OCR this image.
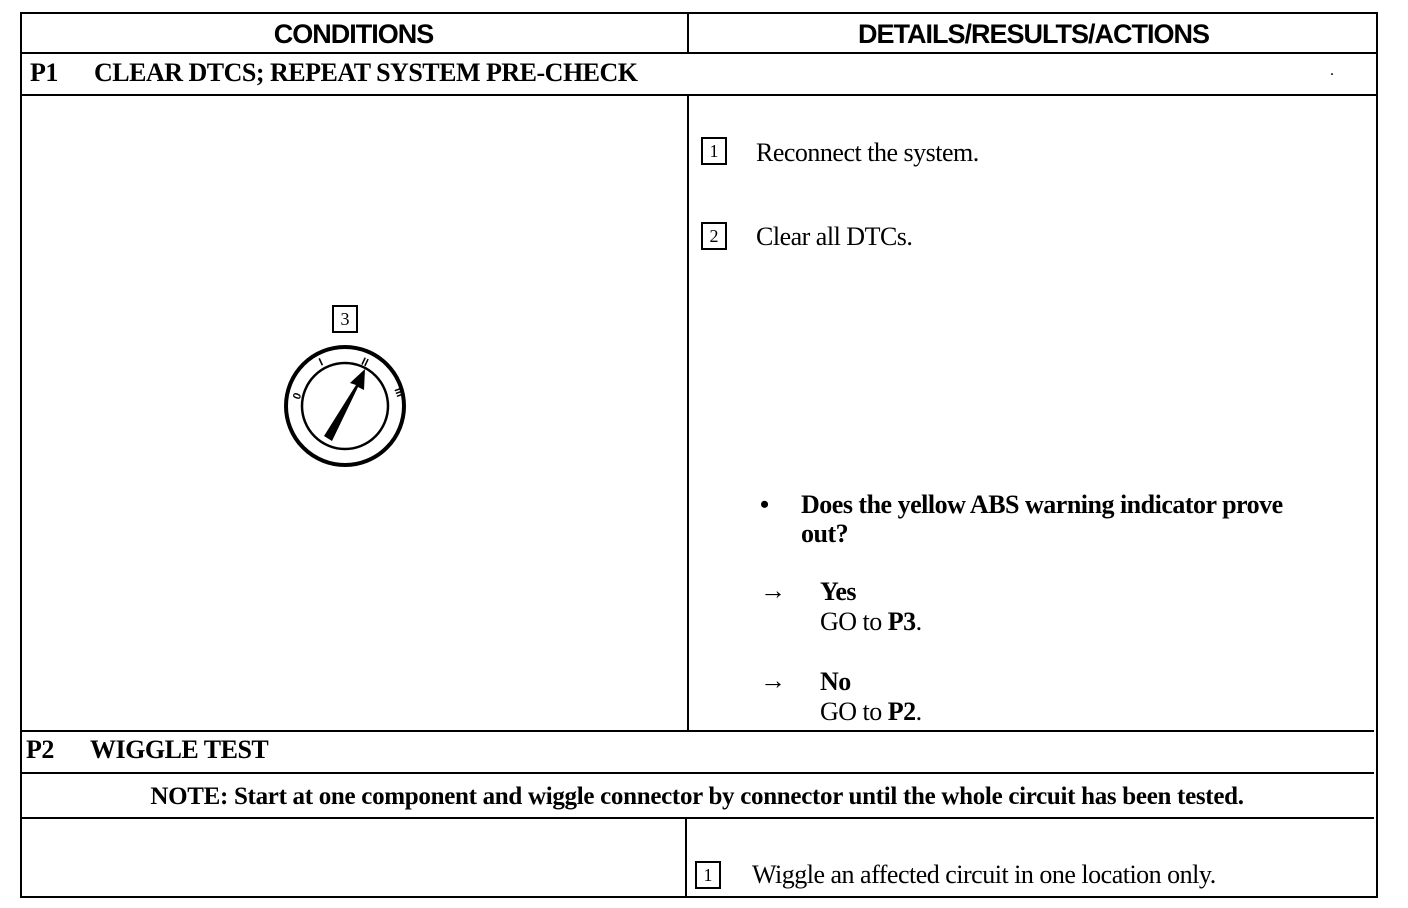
CONDITIONS	DETAILS/RESULTS/ACTIONS
P1 CLEAR DTCS; REPEAT SYSTEM PRE-CHECK	.
3
0
I	II
III
1	Reconnect the system.
2	Clear all DTCs.
• Does the yellow ABS warning indicator prove
out?
→ Yes
GO to P3.
→ No
GO to P2.
P2 WIGGLE TEST
NOTE: Start at one component and wiggle connector by connector until the whole circuit has been tested.
1	Wiggle an affected circuit in one location only.
